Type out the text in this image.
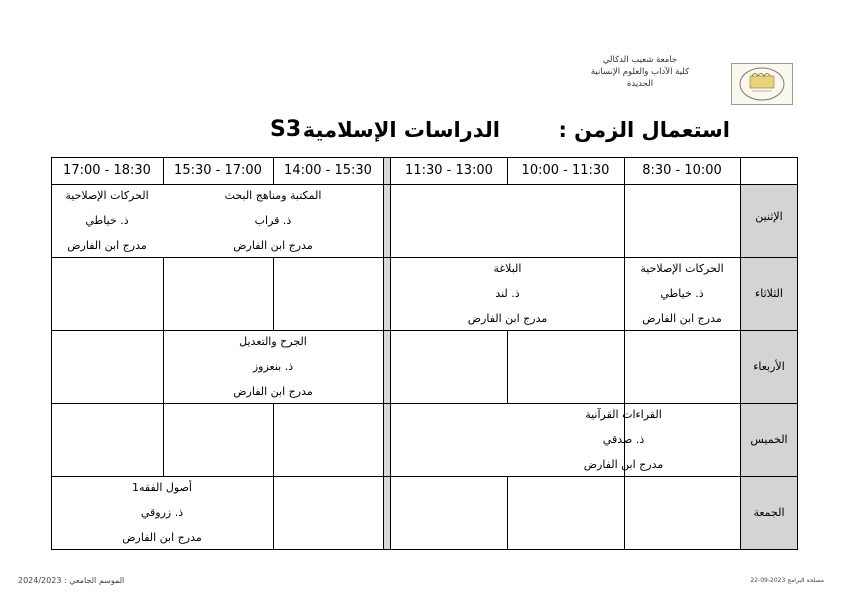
جامعة شعيب الدكالي
كلية الآداب والعلوم الإنسانية
الجديدة
استعمال الزمن :
الدراسات الإسلامية
S3
8:30 - 10:00
10:00 - 11:30
11:30 - 13:00
14:00 - 15:30
15:30 - 17:00
17:00 - 18:30
الإثنين
الثلاثاء
الأربعاء
الخميس
الجمعة
الحركات الإصلاحية
ذ. خياطي
مدرج ابن الفارض
المكتبة ومناهج البحث
ذ. قراب
مدرج ابن الفارض
الحركات الإصلاحية
ذ. خياطي
مدرج ابن الفارض
البلاغة
ذ. لند
مدرج ابن الفارض
الجرح والتعديل
ذ. بنعزوز
مدرج ابن الفارض
القراءات القرآنية
ذ. صدقي
مدرج ابن الفارض
أصول الفقه1
ذ. زروقي
مدرج ابن الفارض
الموسم الجامعي : 2024/2023	مصلحة البرامج 2023-09-22
